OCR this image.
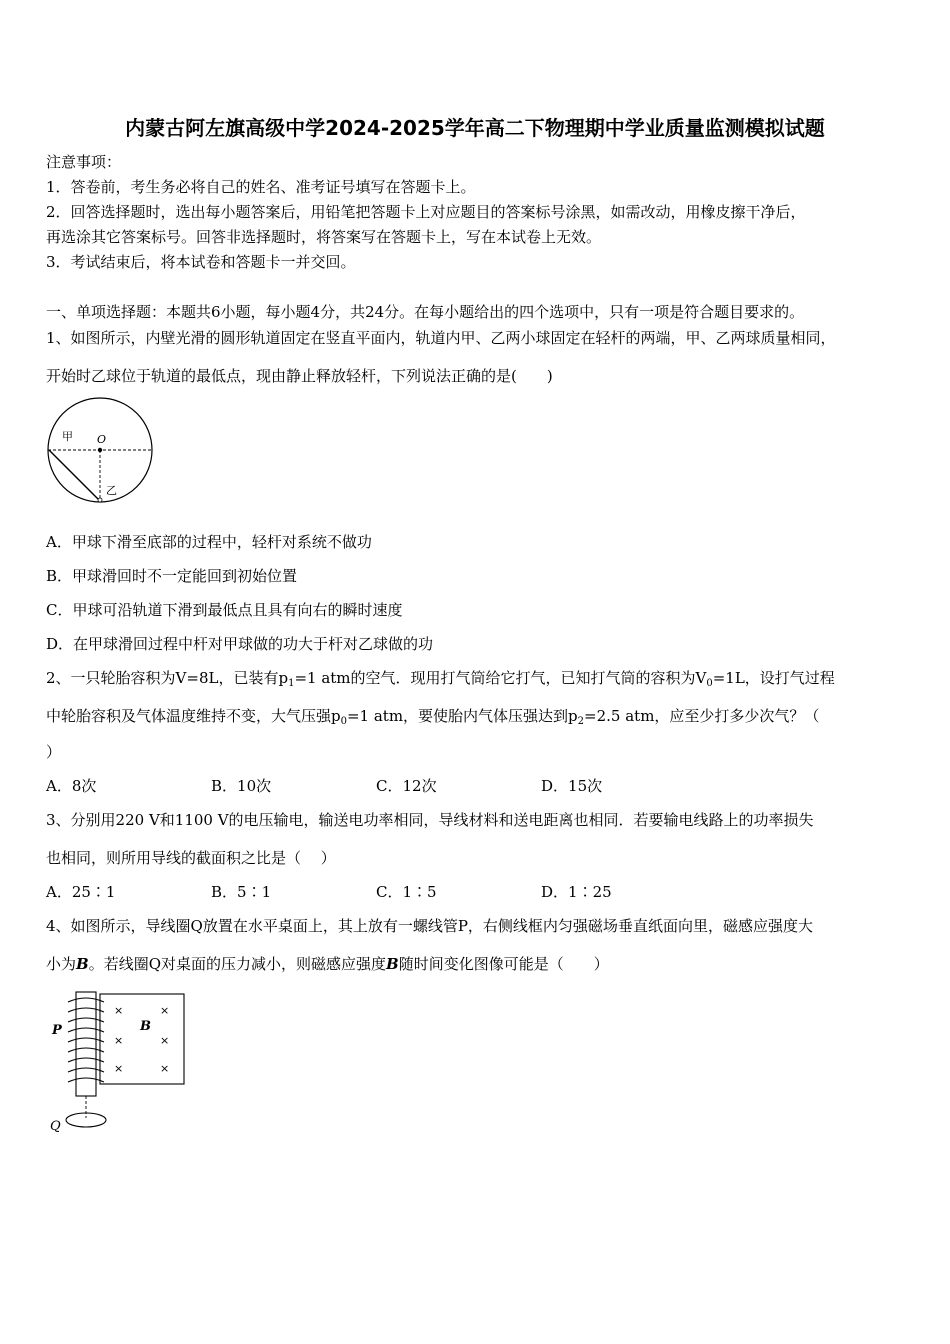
内蒙古阿左旗高级中学2024-2025学年高二下物理期中学业质量监测模拟试题
注意事项：
1．答卷前，考生务必将自己的姓名、准考证号填写在答题卡上。
2．回答选择题时，选出每小题答案后，用铅笔把答题卡上对应题目的答案标号涂黑，如需改动，用橡皮擦干净后，
再选涂其它答案标号。回答非选择题时，将答案写在答题卡上，写在本试卷上无效。
3．考试结束后，将本试卷和答题卡一并交回。
一、单项选择题：本题共6小题，每小题4分，共24分。在每小题给出的四个选项中，只有一项是符合题目要求的。
1、如图所示，内壁光滑的圆形轨道固定在竖直平面内，轨道内甲、乙两小球固定在轻杆的两端，甲、乙两球质量相同，
开始时乙球位于轨道的最低点，现由静止释放轻杆，下列说法正确的是(　　)
甲 O
乙
A．甲球下滑至底部的过程中，轻杆对系统不做功
B．甲球滑回时不一定能回到初始位置
C．甲球可沿轨道下滑到最低点且具有向右的瞬时速度
D．在甲球滑回过程中杆对甲球做的功大于杆对乙球做的功
2、一只轮胎容积为V=8L，已装有$p_1=1$ atm的空气．现用打气筒给它打气，已知打气筒的容积为$V_0=1L$，设打气过程
中轮胎容积及气体温度维持不变，大气压强$p_0=1$ atm，要使胎内气体压强达到$p_2=2.5$ atm，应至少打多少次气？（
）
A．8次	B．10次	C．12次	D．15次
3、分别用220 V和1100 V的电压输电，输送电功率相同，导线材料和送电距离也相同．若要输电线路上的功率损失
也相同，则所用导线的截面积之比是（　 ）
A．25∶1	B．5∶1	C．1∶5	D．1∶25
4、如图所示，导线圈Q放置在水平桌面上，其上放有一螺线管P，右侧线框内匀强磁场垂直纸面向里，磁感应强度大
小为B。若线圈Q对桌面的压力减小，则磁感应强度B随时间变化图像可能是（　　）
×	×
×	×
×	×
B
P
Q
